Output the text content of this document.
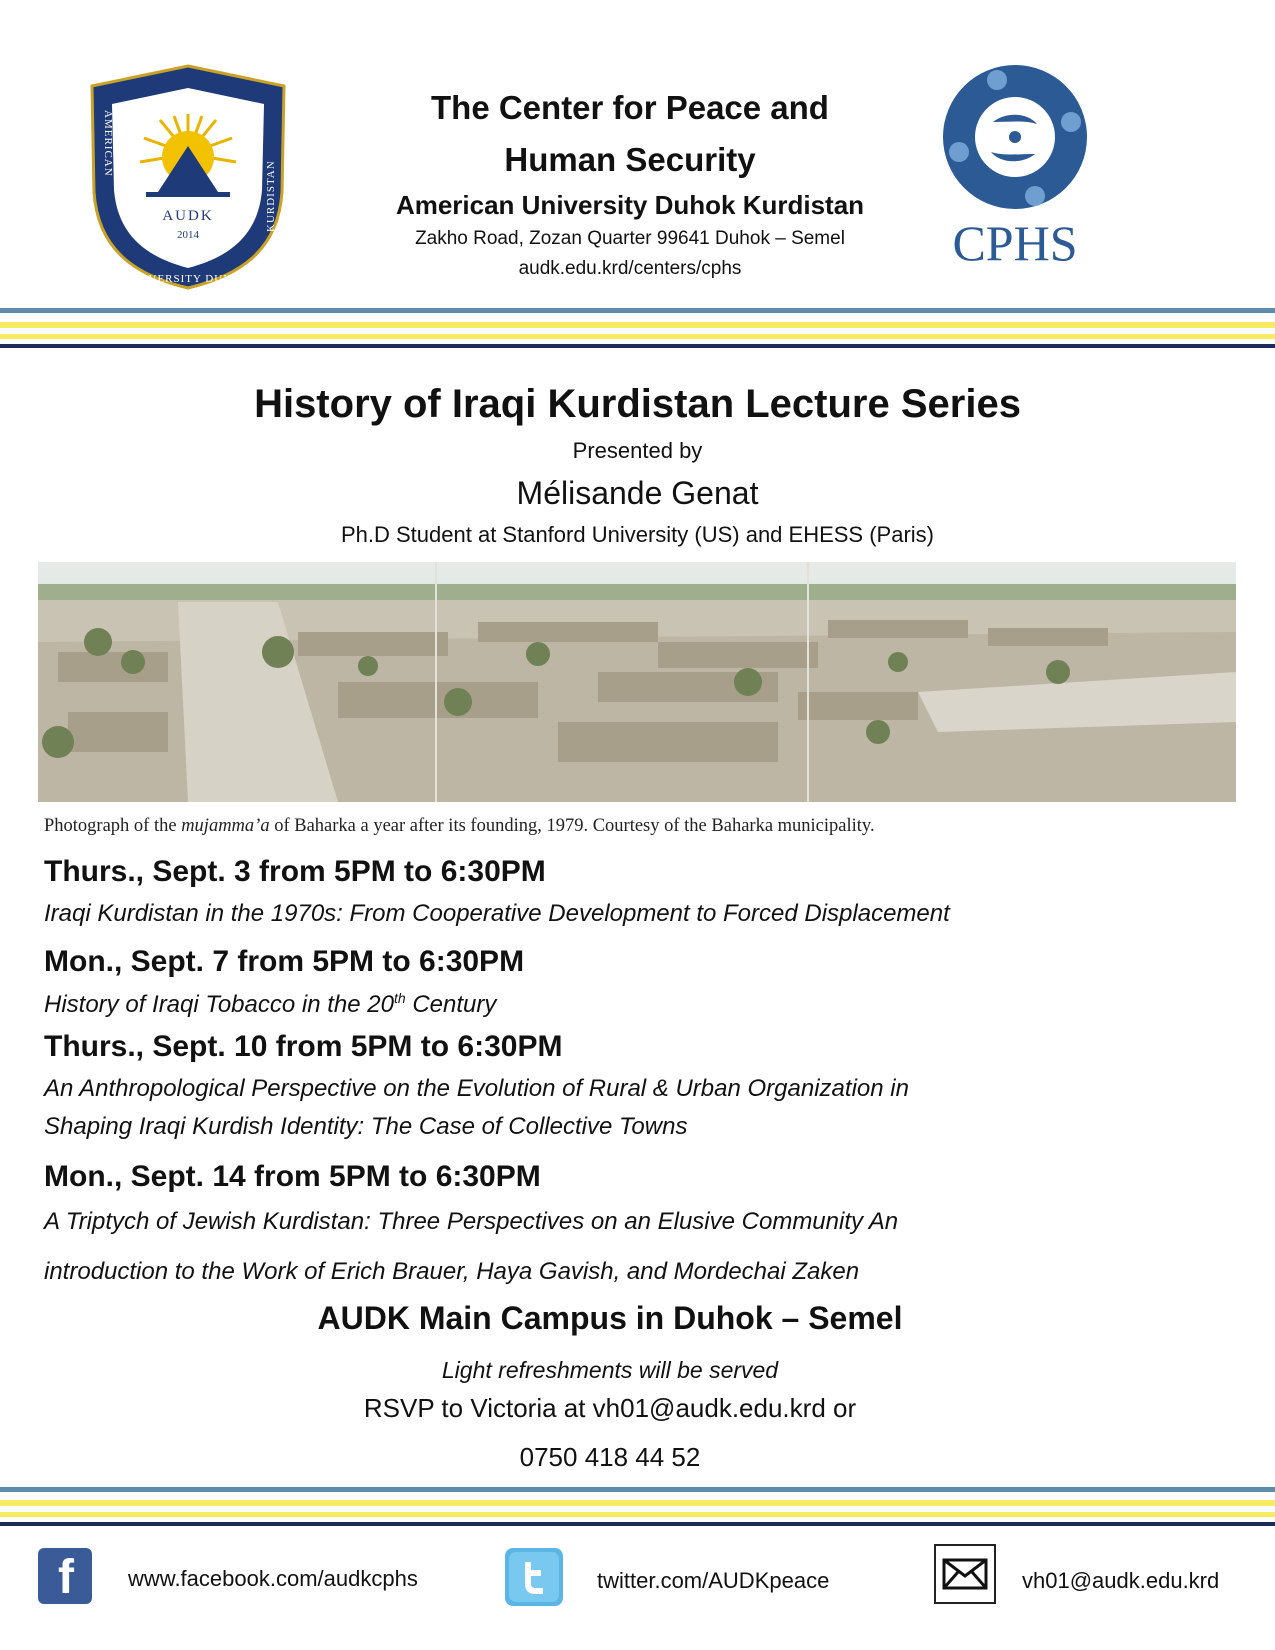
AUDK
2014
AMERICAN
KURDISTAN
UNIVERSITY DUHOK
The Center for Peace and
Human Security
American University Duhok Kurdistan
Zakho Road, Zozan Quarter 99641 Duhok – Semel
audk.edu.krd/centers/cphs	CPHS
History of Iraqi Kurdistan Lecture Series
Presented by
Mélisande Genat
Ph.D Student at Stanford University (US) and EHESS (Paris)
Photograph of the mujamma’a of Baharka a year after its founding, 1979. Courtesy of the Baharka municipality.
Thurs., Sept. 3 from 5PM to 6:30PM
Iraqi Kurdistan in the 1970s: From Cooperative Development to Forced Displacement
Mon., Sept. 7 from 5PM to 6:30PM
History of Iraqi Tobacco in the 20th Century
Thurs., Sept. 10 from 5PM to 6:30PM
An Anthropological Perspective on the Evolution of Rural & Urban Organization in
Shaping Iraqi Kurdish Identity: The Case of Collective Towns
Mon., Sept. 14 from 5PM to 6:30PM
A Triptych of Jewish Kurdistan: Three Perspectives on an Elusive Community An
introduction to the Work of Erich Brauer, Haya Gavish, and Mordechai Zaken
AUDK Main Campus in Duhok – Semel
Light refreshments will be served
RSVP to Victoria at vh01@audk.edu.krd or
0750 418 44 52
f www.facebook.com/audkcphs	twitter.com/AUDKpeace	vh01@audk.edu.krd
